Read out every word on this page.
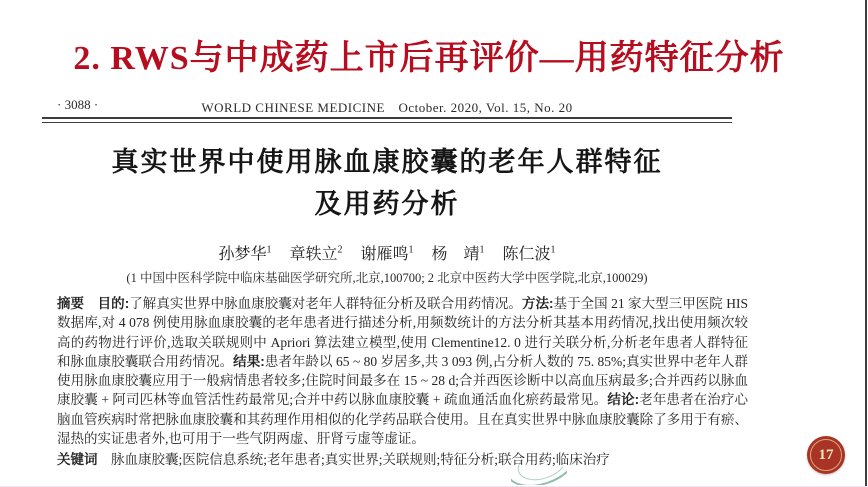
2. RWS与中成药上市后再评价—用药特征分析
· 3088 ·	WORLD CHINESE MEDICINE　October. 2020, Vol. 15, No. 20
真实世界中使用脉血康胶囊的老年人群特征
及用药分析
孙梦华$^1$ 章轶立$^2$ 谢雁鸣$^1$ 杨　靖$^1$ 陈仁波$^1$
(1 中国中医科学院中临床基础医学研究所,北京,100700; 2 北京中医药大学中医学院,北京,100029)

摘要　 目的:了解真实世界中脉血康胶囊对老年人群特征分析及联合用药情况。方法:基于全国 21 家大型三甲医院 HIS 数据库,对 4 078 例使用脉血康胶囊的老年患者进行描述分析,用频数统计的方法分析其基本用药情况,找出使用频次较高的药物进行评价,选取关联规则中 Apriori 算法建立模型,使用 Clementine12. 0 进行关联分析,分析老年患者人群特征和脉血康胶囊联合用药情况。结果:患者年龄以 65 ~ 80 岁居多,共 3 093 例,占分析人数的 75. 85%;真实世界中老年人群使用脉血康胶囊应用于一般病情患者较多;住院时间最多在 15 ~ 28 d;合并西医诊断中以高血压病最多;合并西药以脉血康胶囊 + 阿司匹林等血管活性药最常见;合并中药以脉血康胶囊 + 疏血通活血化瘀药最常见。结论:老年患者在治疗心脑血管疾病时常把脉血康胶囊和其药理作用相似的化学药品联合使用。且在真实世界中脉血康胶囊除了多用于有瘀、湿热的实证患者外,也可用于一些气阴两虚、肝肾亏虚等虚证。

关键词　脉血康胶囊;医院信息系统;老年患者;真实世界;关联规则;特征分析;联合用药;临床治疗	17
